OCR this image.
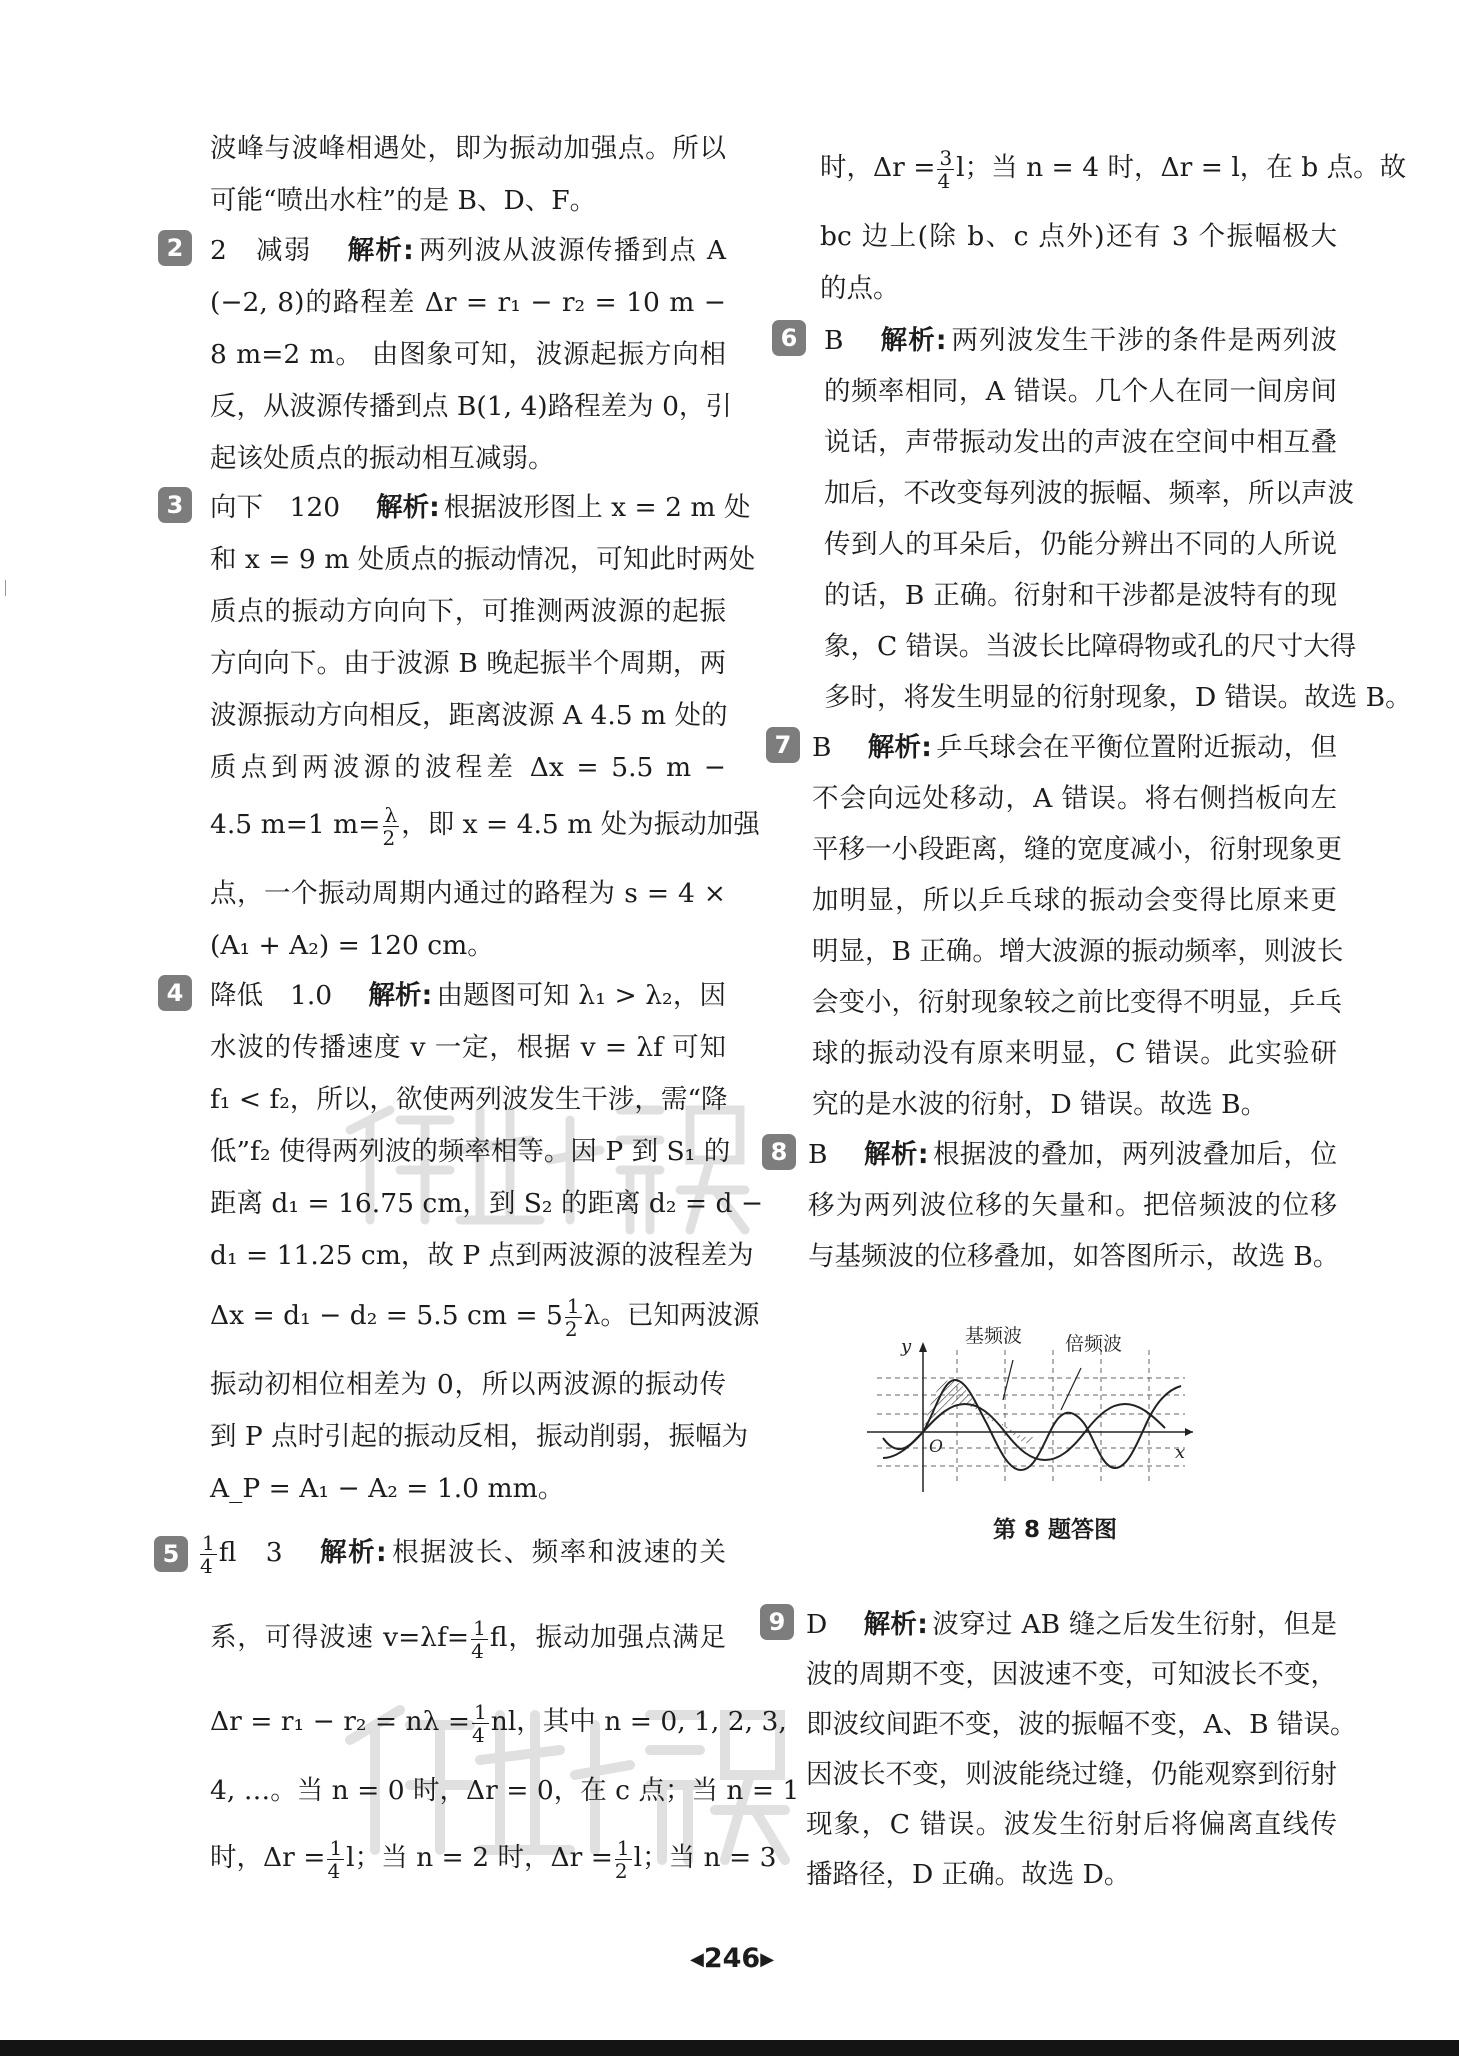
波峰与波峰相遇处，即为振动加强点。所以
可能“喷出水柱”的是 B、D、F。
2	2　减弱 解析: 两列波从波源传播到点 A
(−2, 8)的路程差 Δr = r₁ − r₂ = 10 m −
8 m=2 m。 由图象可知，波源起振方向相
反，从波源传播到点 B(1, 4)路程差为 0，引
起该处质点的振动相互减弱。
3	向下　120 解析: 根据波形图上 x = 2 m 处
和 x = 9 m 处质点的振动情况，可知此时两处
质点的振动方向向下，可推测两波源的起振
方向向下。由于波源 B 晚起振半个周期，两
波源振动方向相反，距离波源 A 4.5 m 处的
质点到两波源的波程差 Δx = 5.5 m −
4.5 m=1 $m= \frac{\lambda}{2}$ ，即 x = 4.5 m 处为振动加强
点，一个振动周期内通过的路程为 s = 4 ×
(A₁ + A₂) = 120 cm。
4	降低　1.0 解析: 由题图可知 λ₁ > λ₂，因
水波的传播速度 v 一定，根据 v = λf 可知
f₁ < f₂，所以，欲使两列波发生干涉，需“降
低”f₂ 使得两列波的频率相等。因 P 到 S₁ 的
距离 d₁ = 16.75 cm，到 S₂ 的距离 d₂ = d −
d₁ = 11.25 cm，故 P 点到两波源的波程差为
Δx = d₁ − d₂ = 5.5 cm = $5 \frac{1}{2}$ λ。已知两波源
振动初相位相差为 0，所以两波源的振动传
到 P 点时引起的振动反相，振动削弱，振幅为
A_P = A₁ − A₂ = 1.0 mm。
5	$\frac{1}{4}$ fl　3 解析: 根据波长、频率和波速的关
系，可得波速 $v=\lambda f= \frac{1}{4}$ fl，振动加强点满足
$\Delta r = r_1 - r_2 = n\lambda = \frac{1}{4}$ nl，其中 n = 0, 1, 2, 3,
4, …。当 n = 0 时，Δr = 0，在 c 点；当 n = 1
时，$\Delta r = \frac{1}{4}$ l；当 n = 2 时，$\Delta r = \frac{1}{2}$ l；当 n = 3
时，$\Delta r = \frac{3}{4}$ l；当 n = 4 时，Δr = l，在 b 点。故
bc 边上(除 b、c 点外)还有 3 个振幅极大
的点。
6	B 解析: 两列波发生干涉的条件是两列波
的频率相同，A 错误。几个人在同一间房间
说话，声带振动发出的声波在空间中相互叠
加后，不改变每列波的振幅、频率，所以声波
传到人的耳朵后，仍能分辨出不同的人所说
的话，B 正确。衍射和干涉都是波特有的现
象，C 错误。当波长比障碍物或孔的尺寸大得
多时，将发生明显的衍射现象，D 错误。故选 B。
7 B 解析: 乒乓球会在平衡位置附近振动，但
不会向远处移动，A 错误。将右侧挡板向左
平移一小段距离，缝的宽度减小，衍射现象更
加明显，所以乒乓球的振动会变得比原来更
明显，B 正确。增大波源的振动频率，则波长
会变小，衍射现象较之前比变得不明显，乒乓
球的振动没有原来明显，C 错误。此实验研
究的是水波的衍射，D 错误。故选 B。
8 B 解析: 根据波的叠加，两列波叠加后，位
移为两列波位移的矢量和。把倍频波的位移
与基频波的位移叠加，如答图所示，故选 B。
9 D 解析: 波穿过 AB 缝之后发生衍射，但是
波的周期不变，因波速不变，可知波长不变，
即波纹间距不变，波的振幅不变，A、B 错误。
因波长不变，则波能绕过缝，仍能观察到衍射
现象，C 错误。波发生衍射后将偏离直线传
播路径，D 正确。故选 D。
y
x
O
基频波 倍频波
第 8 题答图
◀246▶
